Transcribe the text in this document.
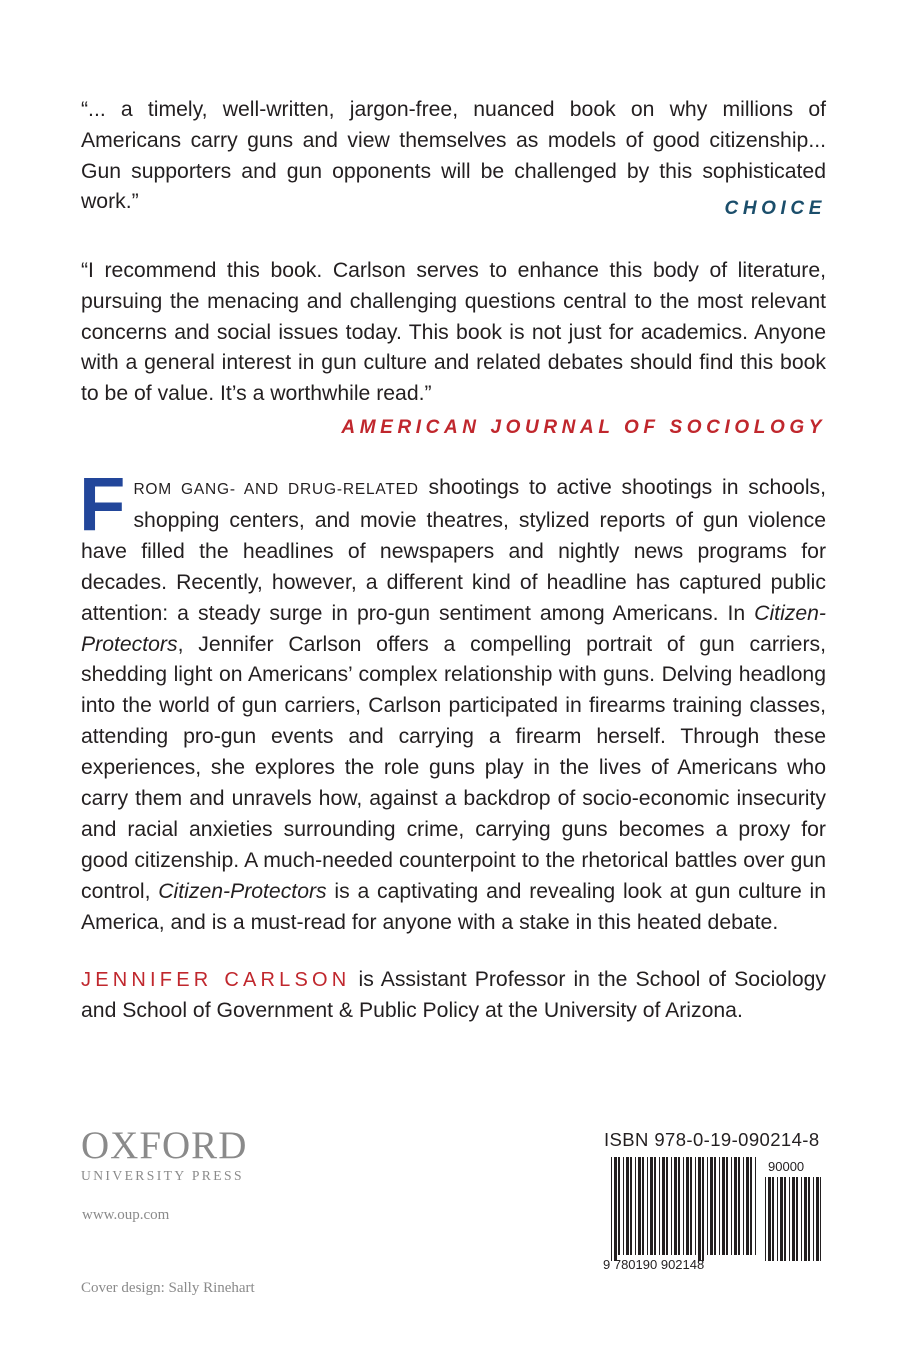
“... a timely, well-written, jargon-free, nuanced book on why millions of Americans carry guns and view themselves as models of good citizenship... Gun supporters and gun opponents will be challenged by this sophisticated work.”	CHOICE

“I recommend this book. Carlson serves to enhance this body of literature, pursuing the menacing and challenging questions central to the most relevant concerns and social issues today. This book is not just for academics. Anyone with a general interest in gun culture and related debates should find this book to be of value. It’s a worthwhile read.”

AMERICAN JOURNAL OF SOCIOLOGY
FROM GANG- AND DRUG-RELATED shootings to active shootings in schools, shopping centers, and movie theatres, stylized reports of gun violence have filled the headlines of newspapers and nightly news programs for decades. Recently, however, a different kind of headline has captured public attention: a steady surge in pro-gun sentiment among Americans. In Citizen-Protectors, Jennifer Carlson offers a compelling portrait of gun carriers, shedding light on Americans’ complex relationship with guns. Delving headlong into the world of gun carriers, Carlson participated in firearms training classes, attending pro-gun events and carrying a firearm herself. Through these experiences, she explores the role guns play in the lives of Americans who carry them and unravels how, against a backdrop of socio-economic insecurity and racial anxieties surrounding crime, carrying guns becomes a proxy for good citizenship. A much-needed counterpoint to the rhetorical battles over gun control, Citizen-Protectors is a captivating and revealing look at gun culture in America, and is a must-read for anyone with a stake in this heated debate.
JENNIFER CARLSON is Assistant Professor in the School of Sociology and School of Government & Public Policy at the University of Arizona.
OXFORD
UNIVERSITY PRESS
www.oup.com
Cover design: Sally Rinehart
ISBN 978-0-19-090214-8
9 780190 902148
90000
